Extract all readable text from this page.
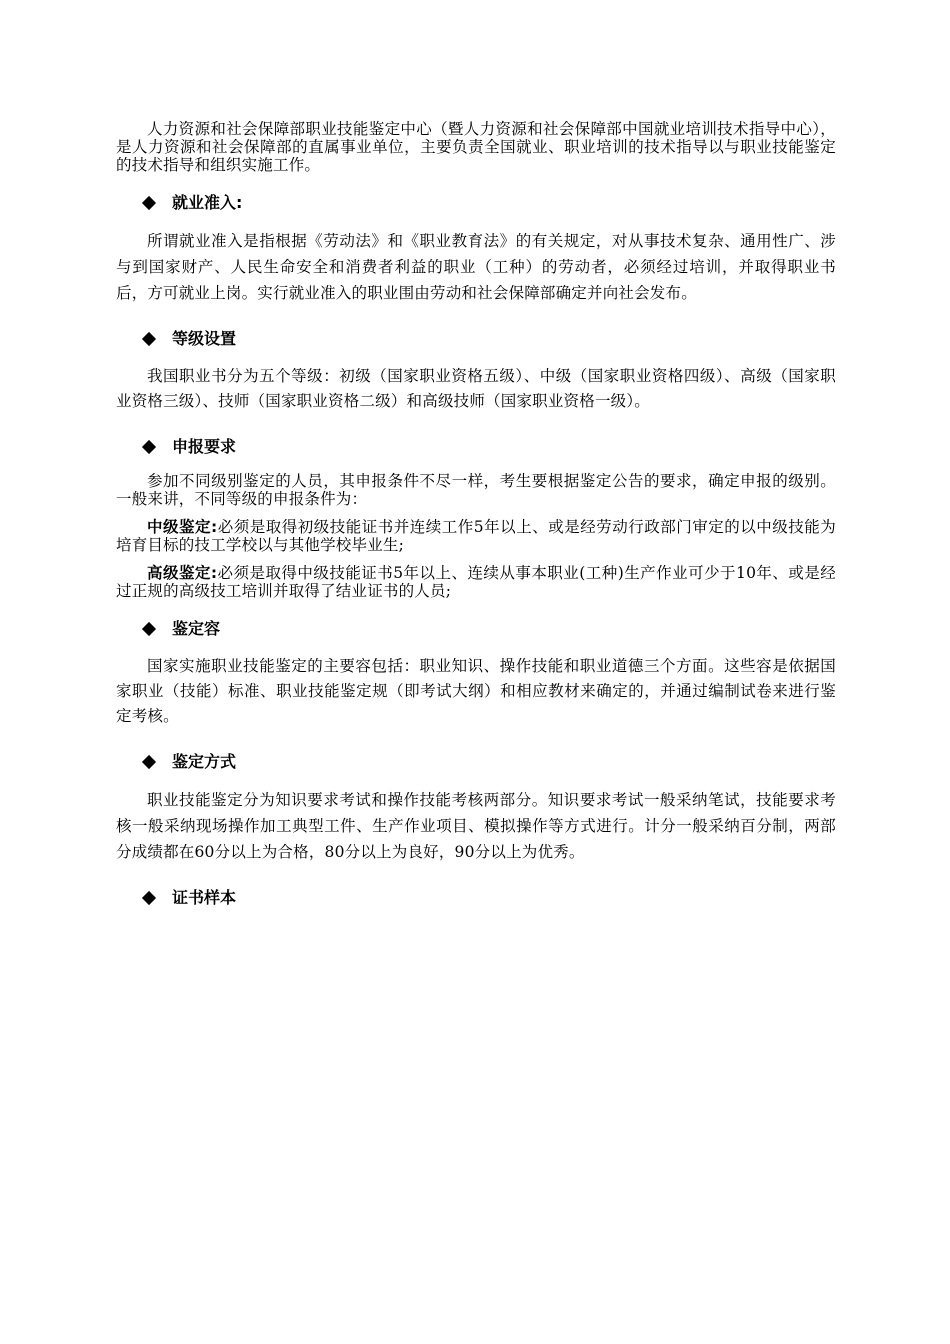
人力资源和社会保障部职业技能鉴定中心（暨人力资源和社会保障部中国就业培训技术指导中心），是人力资源和社会保障部的直属事业单位，主要负责全国就业、职业培训的技术指导以与职业技能鉴定的技术指导和组织实施工作。

就业准入:

所谓就业准入是指根据《劳动法》和《职业教育法》的有关规定，对从事技术复杂、通用性广、涉与到国家财产、人民生命安全和消费者利益的职业（工种）的劳动者，必须经过培训，并取得职业书后，方可就业上岗。实行就业准入的职业围由劳动和社会保障部确定并向社会发布。

等级设置

我国职业书分为五个等级：初级（国家职业资格五级）、中级（国家职业资格四级）、高级（国家职业资格三级）、技师（国家职业资格二级）和高级技师（国家职业资格一级）。

申报要求

参加不同级别鉴定的人员，其申报条件不尽一样，考生要根据鉴定公告的要求，确定申报的级别。一般来讲，不同等级的申报条件为：

中级鉴定:必须是取得初级技能证书并连续工作5年以上、或是经劳动行政部门审定的以中级技能为培育目标的技工学校以与其他学校毕业生;

高级鉴定:必须是取得中级技能证书5年以上、连续从事本职业(工种)生产作业可少于10年、或是经过正规的高级技工培训并取得了结业证书的人员;

鉴定容

国家实施职业技能鉴定的主要容包括：职业知识、操作技能和职业道德三个方面。这些容是依据国家职业（技能）标准、职业技能鉴定规（即考试大纲）和相应教材来确定的，并通过编制试卷来进行鉴定考核。

鉴定方式

职业技能鉴定分为知识要求考试和操作技能考核两部分。知识要求考试一般采纳笔试，技能要求考核一般采纳现场操作加工典型工件、生产作业项目、模拟操作等方式进行。计分一般采纳百分制，两部分成绩都在60分以上为合格，80分以上为良好，90分以上为优秀。

证书样本
